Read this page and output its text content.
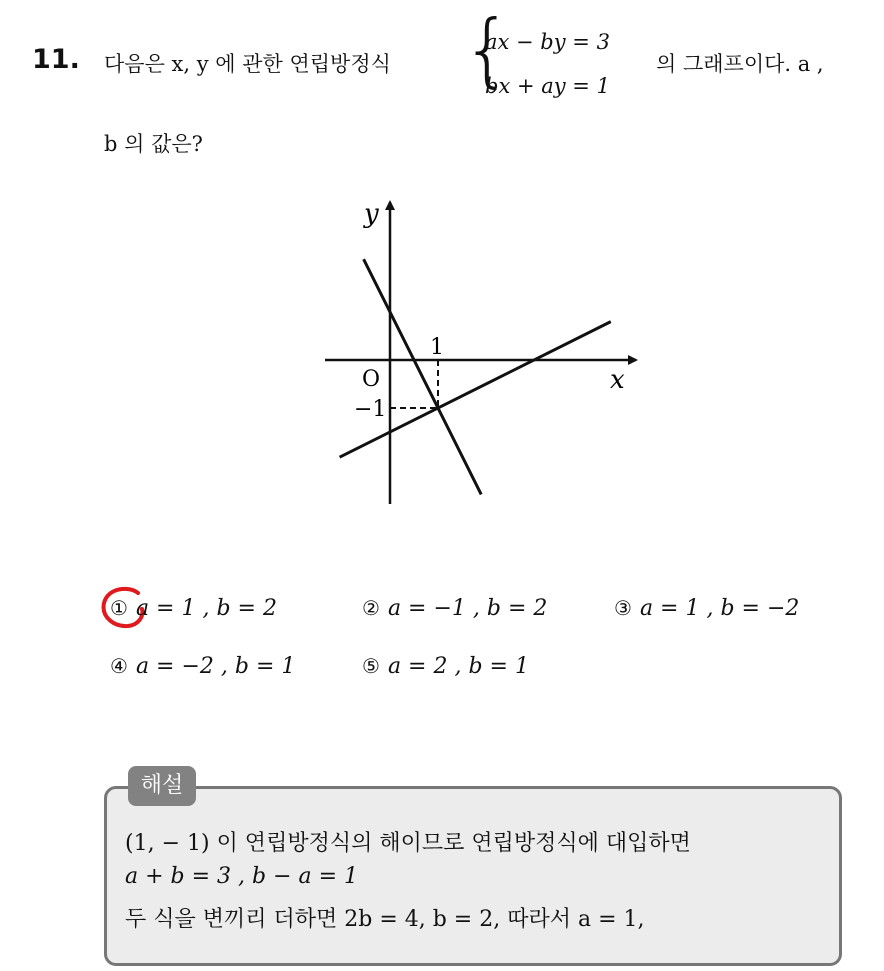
11. 다음은 x, y 에 관한 연립방정식 {
ax − by = 3
bx + ay = 1
의 그래프이다. a ,
b 의 값은?
y
x
O
1
−1
① a = 1 , b = 2	② a = −1 , b = 2	③ a = 1 , b = −2
④ a = −2 , b = 1	⑤ a = 2 , b = 1
해설
(1, − 1) 이 연립방정식의 해이므로 연립방정식에 대입하면
a + b = 3 , b − a = 1
두 식을 변끼리 더하면 2b = 4, b = 2, 따라서 a = 1,
